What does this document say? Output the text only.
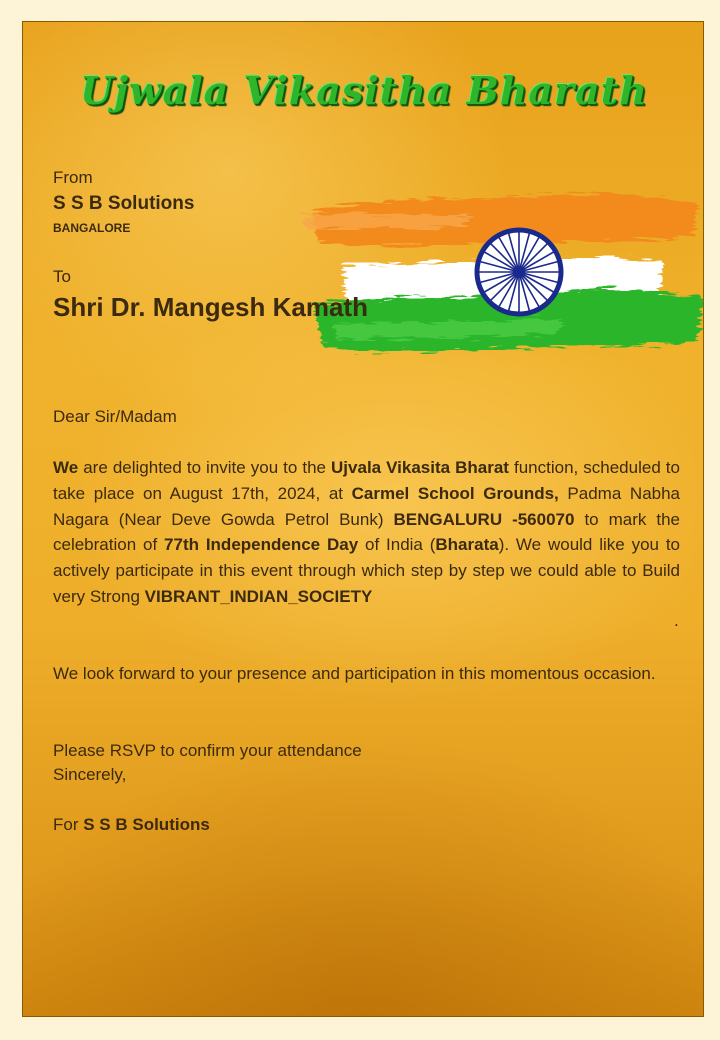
Ujwala Vikasitha Bharath
From
S S B Solutions
BANGALORE
To
Shri Dr. Mangesh Kamath
Dear Sir/Madam

We are delighted to invite you to the Ujvala Vikasita Bharat function, scheduled to take place on August 17th, 2024, at Carmel School Grounds, Padma Nabha Nagara (Near Deve Gowda Petrol Bunk) BENGALURU -560070 to mark the celebration of 77th Independence Day of India (Bharata). We would like you to actively participate in this event through which step by step we could able to Build very Strong VIBRANT_INDIAN_SOCIETY

.

We look forward to your presence and participation in this momentous occasion.

Please RSVP to confirm your attendance
Sincerely,
For S S B Solutions
